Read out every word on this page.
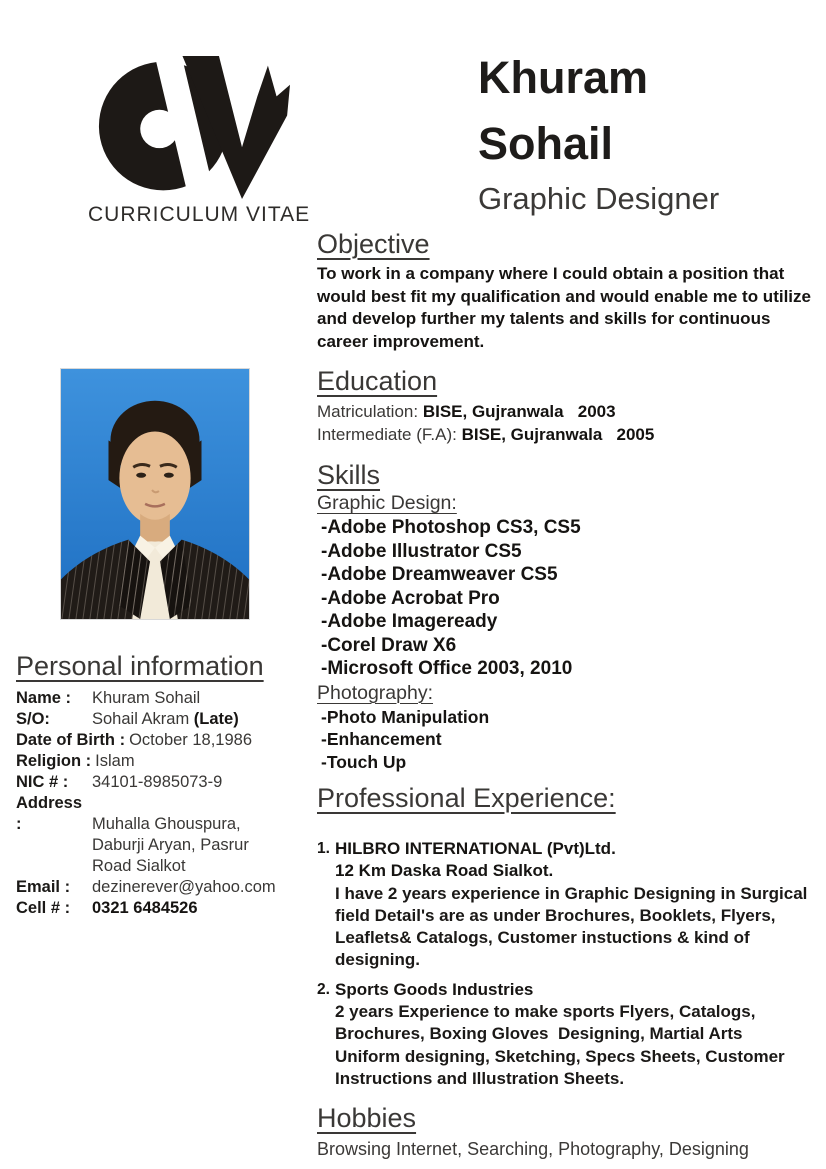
CURRICULUM VITAE
Khuram
Sohail
Graphic Designer
Personal information
Name : Khuram Sohail
S/O:	Sohail Akram (Late)
Date of Birth : October 18,1986
Religion : Islam
NIC # : 34101-8985073-9
Address :	Muhalla Ghouspura,
Daburji Aryan, Pasrur
Road Sialkot
Email : dezinerever@yahoo.com
Cell # : 0321 6484526
Objective

To work in a company where I could obtain a position that would best fit my qualification and would enable me to utilize and develop further my talents and skills for continuous career improvement.

Education
Matriculation: BISE, Gujranwala   2003
Intermediate (F.A): BISE, Gujranwala   2005
Skills
Graphic Design:
-Adobe Photoshop CS3, CS5
-Adobe Illustrator CS5
-Adobe Dreamweaver CS5
-Adobe Acrobat Pro
-Adobe Imageready
-Corel Draw X6
-Microsoft Office 2003, 2010
Photography:
-Photo Manipulation
-Enhancement
-Touch Up
Professional Experience:
1. HILBRO INTERNATIONAL (Pvt)Ltd.
12 Km Daska Road Sialkot.

I have 2 years experience in Graphic Designing in Surgical field Detail's are as under Brochures, Booklets, Flyers, Leaflets& Catalogs, Customer instuctions & kind of designing.

2. Sports Goods Industries

2 years Experience to make sports Flyers, Catalogs, Brochures, Boxing Gloves  Designing, Martial Arts Uniform designing, Sketching, Specs Sheets, Customer Instructions and Illustration Sheets.

Hobbies

Browsing Internet, Searching, Photography, Designing
